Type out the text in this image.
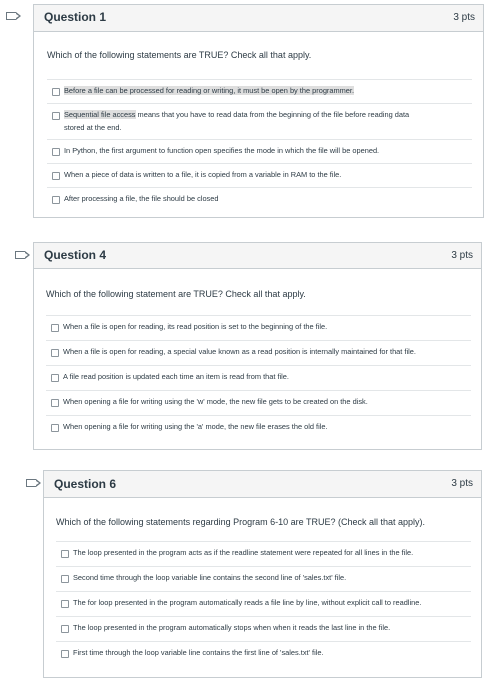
Question 1	3 pts
Which of the following statements are TRUE? Check all that apply.
Before a file can be processed for reading or writing, it must be open by the programmer.
Sequential file access means that you have to read data from the beginning of the file before reading data
stored at the end.
In Python, the first argument to function open specifies the mode in which the file will be opened.
When a piece of data is written to a file, it is copied from a variable in RAM to the file.
After processing a file, the file should be closed
Question 4	3 pts
Which of the following statement are TRUE? Check all that apply.
When a file is open for reading, its read position is set to the beginning of the file.
When a file is open for reading, a special value known as a read position is internally maintained for that file.
A file read position is updated each time an item is read from that file.
When opening a file for writing using the 'w' mode, the new file gets to be created on the disk.
When opening a file for writing using the 'a' mode, the new file erases the old file.
Question 6	3 pts
Which of the following statements regarding Program 6-10 are TRUE? (Check all that apply).
The loop presented in the program acts as if the readline statement were repeated for all lines in the file.
Second time through the loop variable line contains the second line of 'sales.txt' file.
The for loop presented in the program automatically reads a file line by line, without explicit call to readline.
The loop presented in the program automatically stops when when it reads the last line in the file.
First time through the loop variable line contains the first line of 'sales.txt' file.
